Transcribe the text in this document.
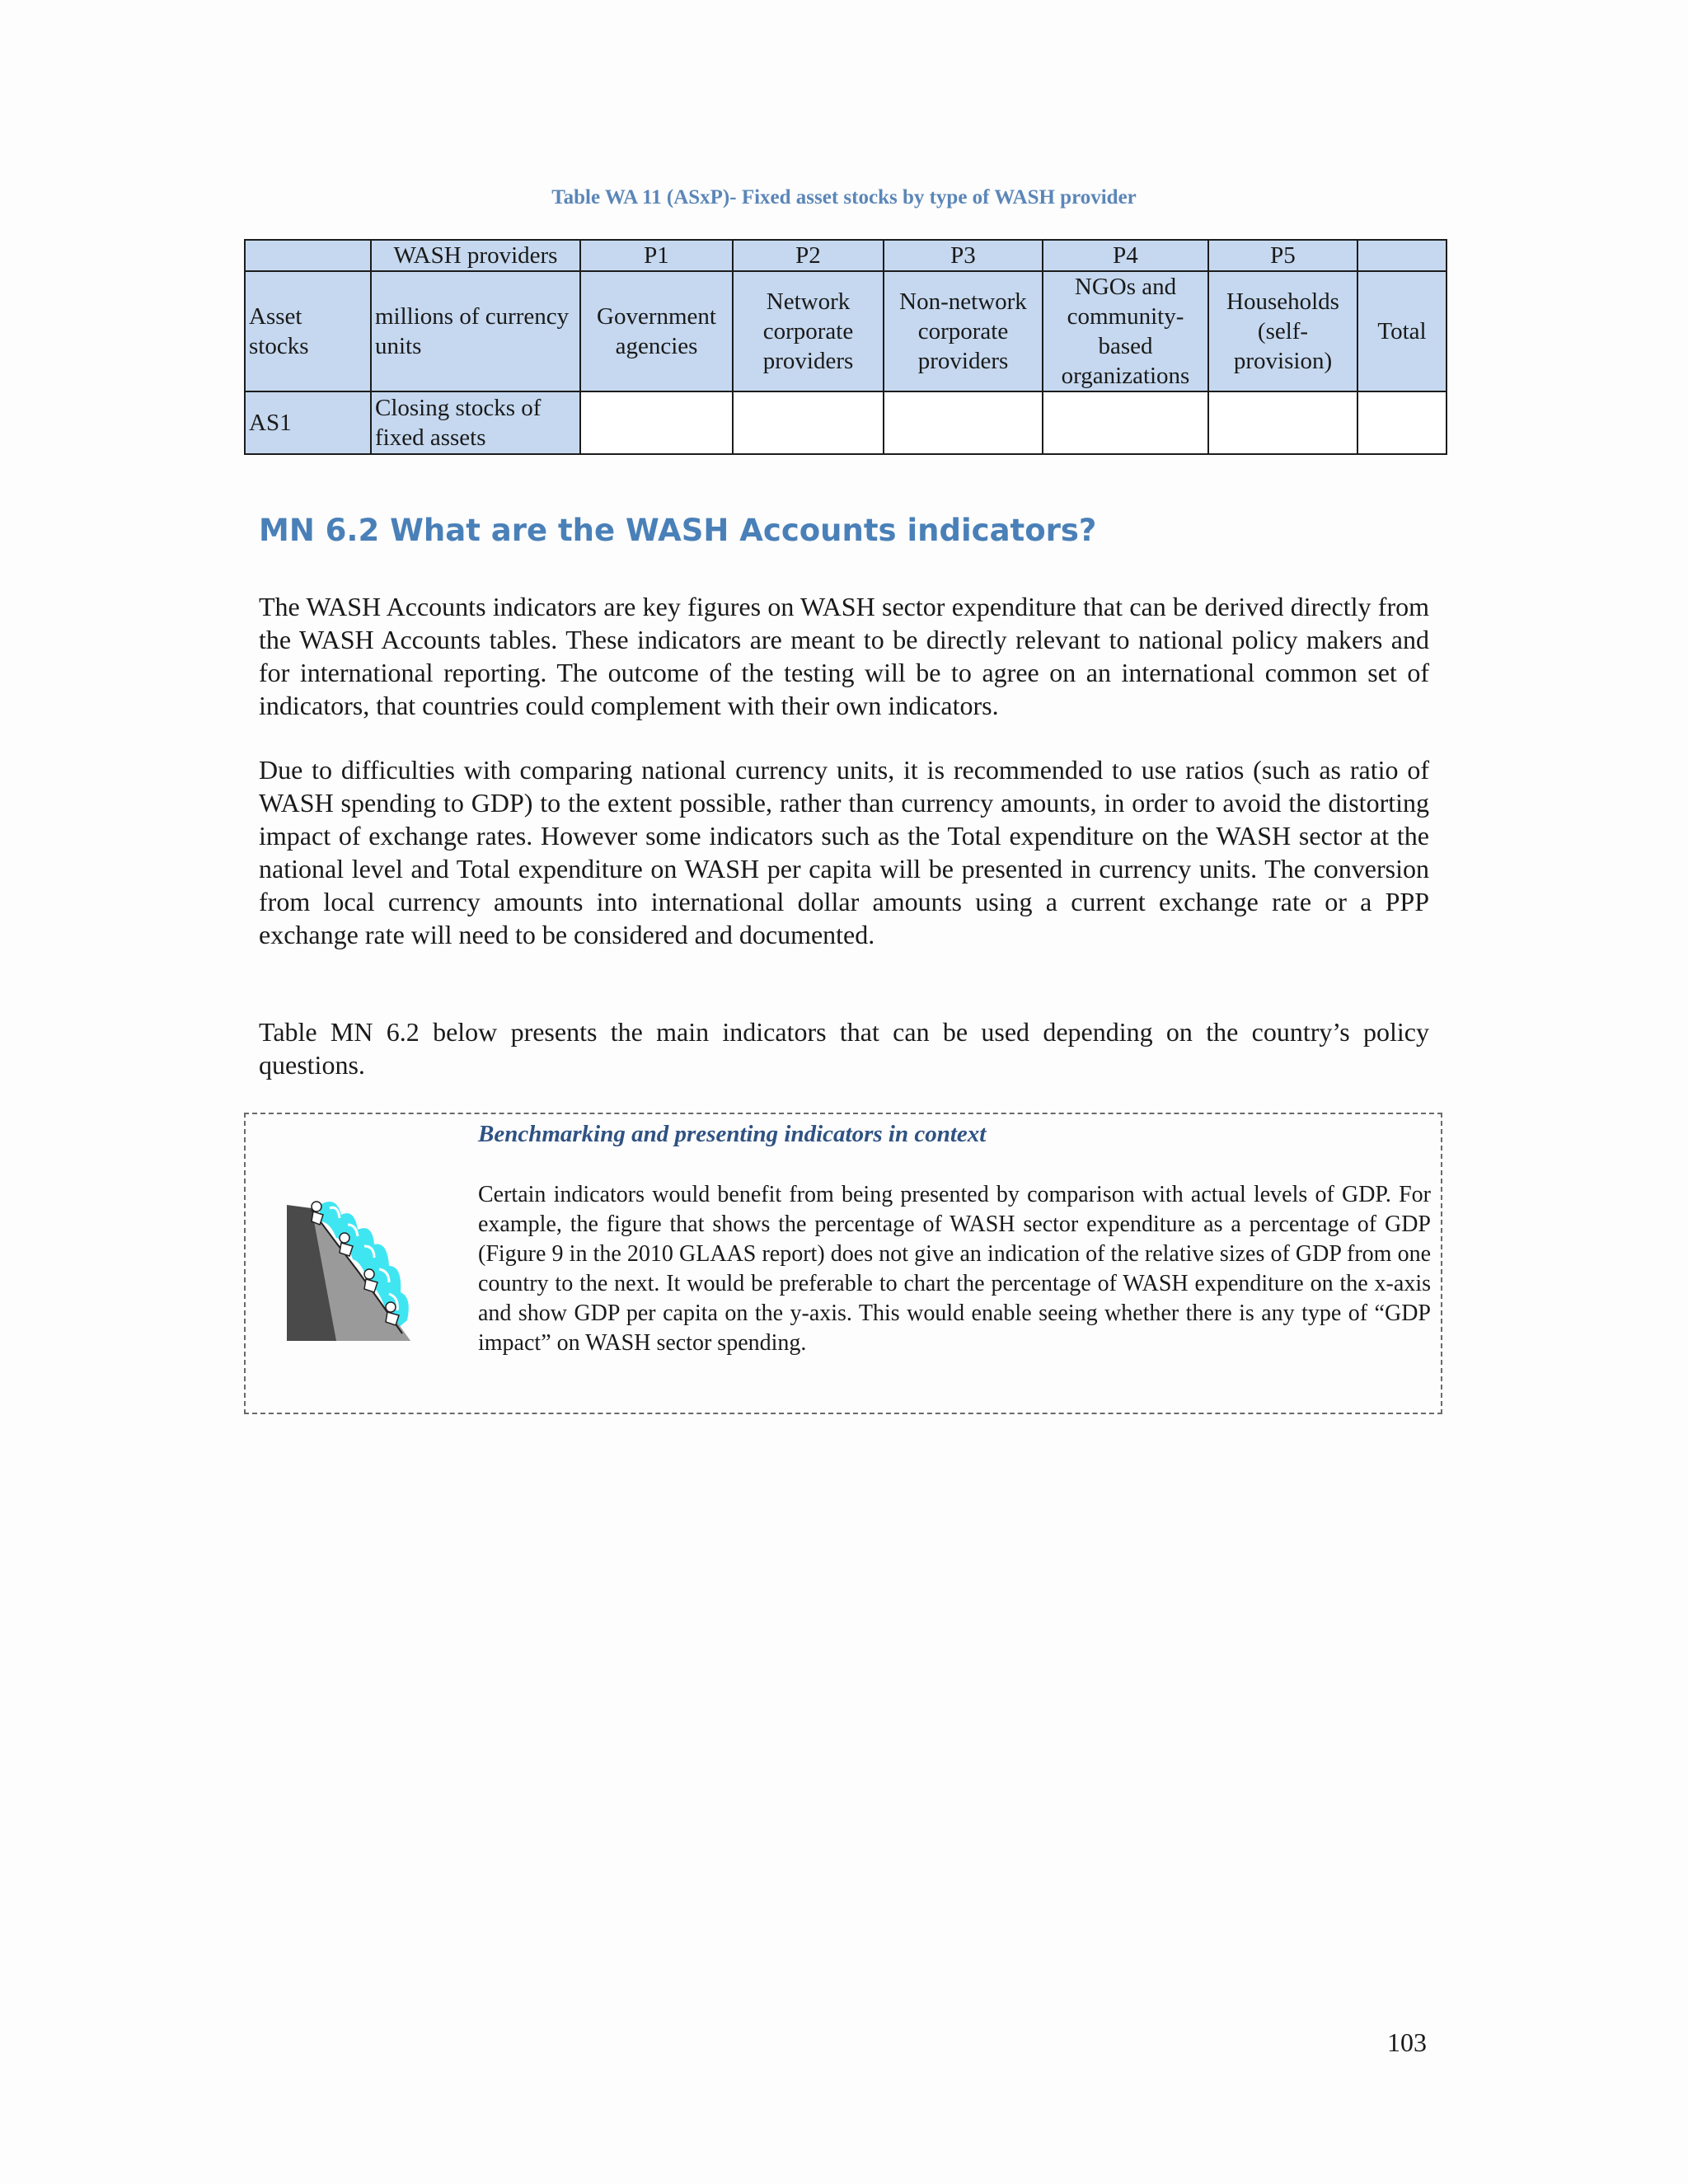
Table WA 11 (ASxP)- Fixed asset stocks by type of WASH provider
	WASH providers	P1	P2	P3	P4	P5	
Asset stocks	millions of currency units	Government agencies	Network corporate providers	Non-network corporate providers	NGOs and community-based organizations	Households (self-provision)	Total
AS1	Closing stocks of fixed assets						
MN 6.2 What are the WASH Accounts indicators?

The WASH Accounts indicators are key figures on WASH sector expenditure that can be derived directly from the WASH Accounts tables. These indicators are meant to be directly relevant to national policy makers and for international reporting. The outcome of the testing will be to agree on an international common set of indicators, that countries could complement with their own indicators.

Due to difficulties with comparing national currency units, it is recommended to use ratios (such as ratio of WASH spending to GDP) to the extent possible, rather than currency amounts, in order to avoid the distorting impact of exchange rates. However some indicators such as the Total expenditure on the WASH sector at the national level and Total expenditure on WASH per capita will be presented in currency units. The conversion from local currency amounts into international dollar amounts using a current exchange rate or a PPP exchange rate will need to be considered and documented.

Table MN 6.2 below presents the main indicators that can be used depending on the country’s policy questions.

Benchmarking and presenting indicators in context

Certain indicators would benefit from being presented by comparison with actual levels of GDP. For example, the figure that shows the percentage of WASH sector expenditure as a percentage of GDP (Figure 9 in the 2010 GLAAS report) does not give an indication of the relative sizes of GDP from one country to the next. It would be preferable to chart the percentage of WASH expenditure on the x-axis and show GDP per capita on the y-axis. This would enable seeing whether there is any type of “GDP impact” on WASH sector spending.

103
